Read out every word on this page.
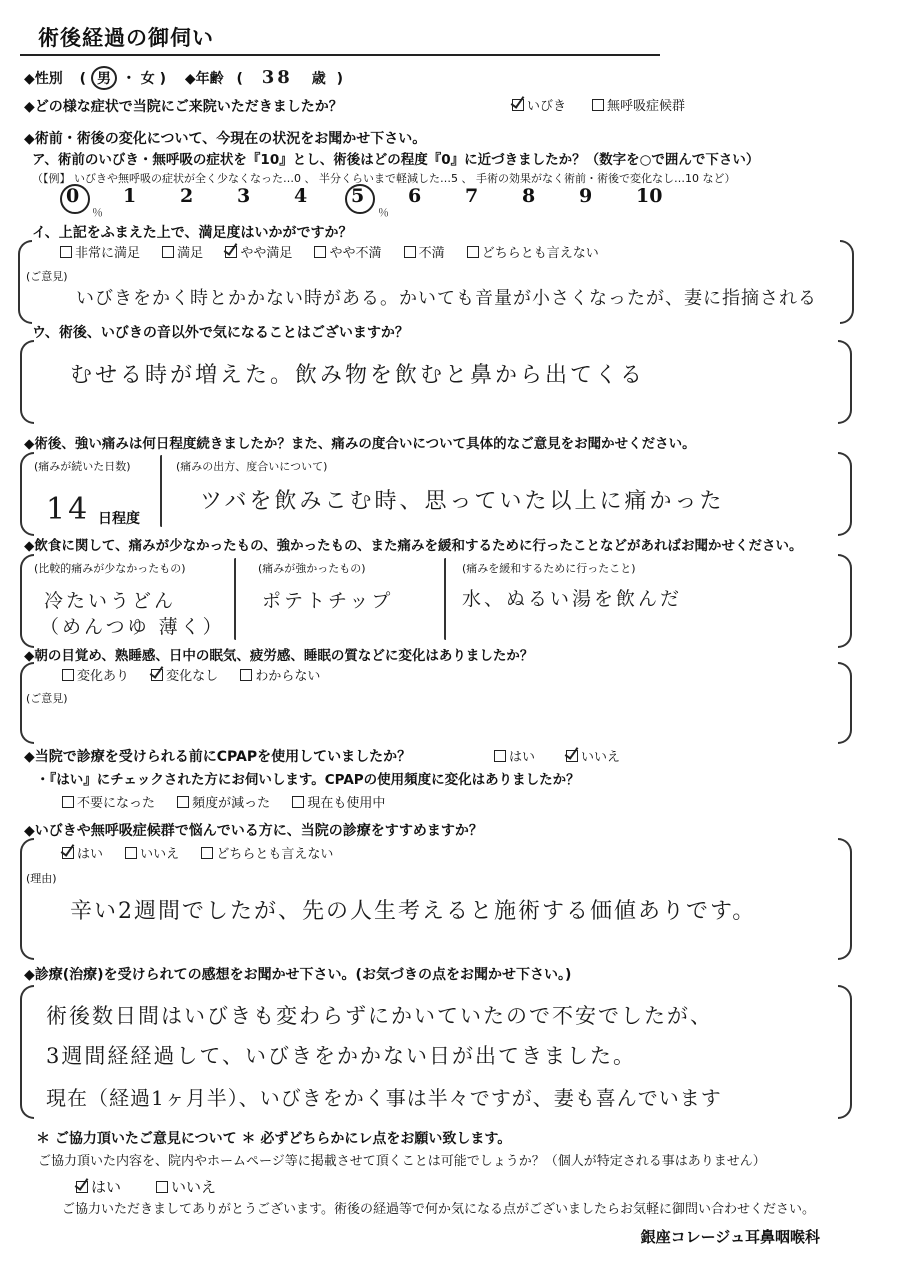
術後経過の御伺い
◆性別 ( 男 ・ 女 ) ◆年齢 ( 38 歳 )
◆どの様な症状で当院にご来院いただきましたか？	いびき	無呼吸症候群
◆術前・術後の変化について、今現在の状況をお聞かせ下さい。
ア、術前のいびき・無呼吸の症状を『10』とし、術後はどの程度『0』に近づきましたか？（数字を○で囲んで下さい）
（【例】 いびきや無呼吸の症状が全く少なくなった…0 、 半分くらいまで軽減した…5 、 手術の効果がなく術前・術後で変化なし…10 など）
0 1 2 3 4 5 6 7 8 9 10
％	％
イ、上記をふまえた上で、満足度はいかがですか？
非常に満足	満足	やや満足	やや不満	不満	どちらとも言えない
(ご意見)
いびきをかく時とかかない時がある。かいても音量が小さくなったが、妻に指摘される
ウ、術後、いびきの音以外で気になることはございますか？
むせる時が増えた。飲み物を飲むと鼻から出てくる
◆術後、強い痛みは何日程度続きましたか？また、痛みの度合いについて具体的なご意見をお聞かせください。
(痛みが続いた日数)
14 日程度
(痛みの出方、度合いについて)
ツバを飲みこむ時、思っていた以上に痛かった
◆飲食に関して、痛みが少なかったもの、強かったもの、また痛みを緩和するために行ったことなどがあればお聞かせください。
(比較的痛みが少なかったもの)
冷たいうどん
（めんつゆ 薄く）
(痛みが強かったもの)
ポテトチップ
(痛みを緩和するために行ったこと)
水、ぬるい湯を飲んだ
◆朝の目覚め、熟睡感、日中の眠気、疲労感、睡眠の質などに変化はありましたか？
変化あり	変化なし	わからない
(ご意見)
◆当院で診療を受けられる前にCPAPを使用していましたか？	はい	いいえ
・『はい』にチェックされた方にお伺いします。CPAPの使用頻度に変化はありましたか？
不要になった	頻度が減った	現在も使用中
◆いびきや無呼吸症候群で悩んでいる方に、当院の診療をすすめますか？
はい	いいえ	どちらとも言えない
(理由)
辛い2週間でしたが、先の人生考えると施術する価値ありです。
◆診療(治療)を受けられての感想をお聞かせ下さい。(お気づきの点をお聞かせ下さい。)
術後数日間はいびきも変わらずにかいていたので不安でしたが、
3週間経経過して、いびきをかかない日が出てきました。
現在（経過1ヶ月半）、いびきをかく事は半々ですが、妻も喜んでいます
＊ ご協力頂いたご意見について ＊ 必ずどちらかにレ点をお願い致します。
ご協力頂いた内容を、院内やホームページ等に掲載させて頂くことは可能でしょうか？（個人が特定される事はありません）
はい	いいえ
ご協力いただきましてありがとうございます。術後の経過等で何か気になる点がございましたらお気軽に御問い合わせください。
銀座コレージュ耳鼻咽喉科
